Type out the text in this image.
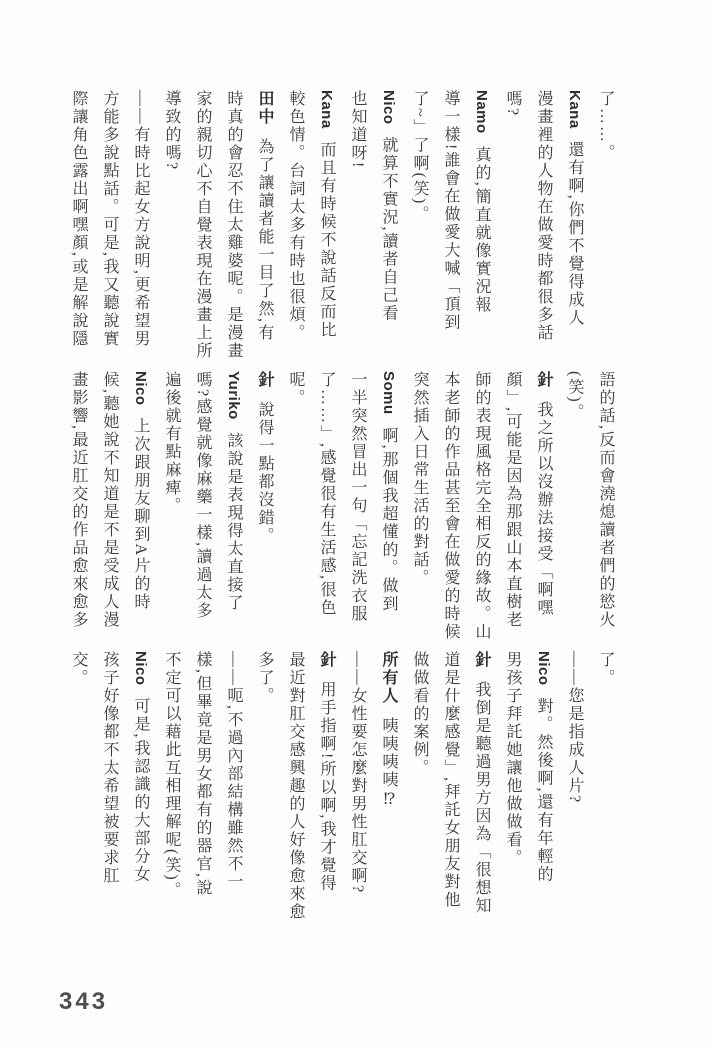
了……。
Kana還有啊,你們不覺得成人
漫畫裡的人物在做愛時都很多話
嗎?
Namo真的,簡直就像實況報
導一樣!誰會在做愛大喊「頂到
了~」了啊(笑)。
Nico就算不實況,讀者自己看
也知道呀!
Kana而且有時候不說話反而比
較色情。台詞太多有時也很煩。
田中為了讓讀者能一目了然,有
時真的會忍不住太雞婆呢。是漫畫
家的親切心不自覺表現在漫畫上所
導致的嗎?
——有時比起女方說明,更希望男
方能多說點話。可是,我又聽說實
際讓角色露出啊嘿顏,或是解說隱
語的話,反而會澆熄讀者們的慾火
(笑)。
針我之所以沒辦法接受「啊嘿
顏」,可能是因為那跟山本直樹老
師的表現風格完全相反的緣故。山
本老師的作品甚至會在做愛的時候
突然插入日常生活的對話。
Somu啊,那個我超懂的。做到
一半突然冒出一句「忘記洗衣服
了……」,感覺很有生活感,很色
呢。
針說得一點都沒錯。
Yuriko該說是表現得太直接了
嗎?感覺就像麻藥一樣,讀過太多
遍後就有點麻痺。
Nico上次跟朋友聊到A片的時
候,聽她說不知道是不是受成人漫
畫影響,最近肛交的作品愈來愈多
了。
——您是指成人片?
Nico對。然後啊,還有年輕的
男孩子拜託她讓他做做看。
針我倒是聽過男方因為「很想知
道是什麼感覺」,拜託女朋友對他
做做看的案例。
所有人咦咦咦咦⁉
——女性要怎麼對男性肛交啊?
針用手指啊!所以啊,我才覺得
最近對肛交感興趣的人好像愈來愈
多了。
——呃,不過內部結構雖然不一
樣,但畢竟是男女都有的器官,說
不定可以藉此互相理解呢(笑)。
Nico可是,我認識的大部分女
孩子好像都不太希望被要求肛
交。
343
